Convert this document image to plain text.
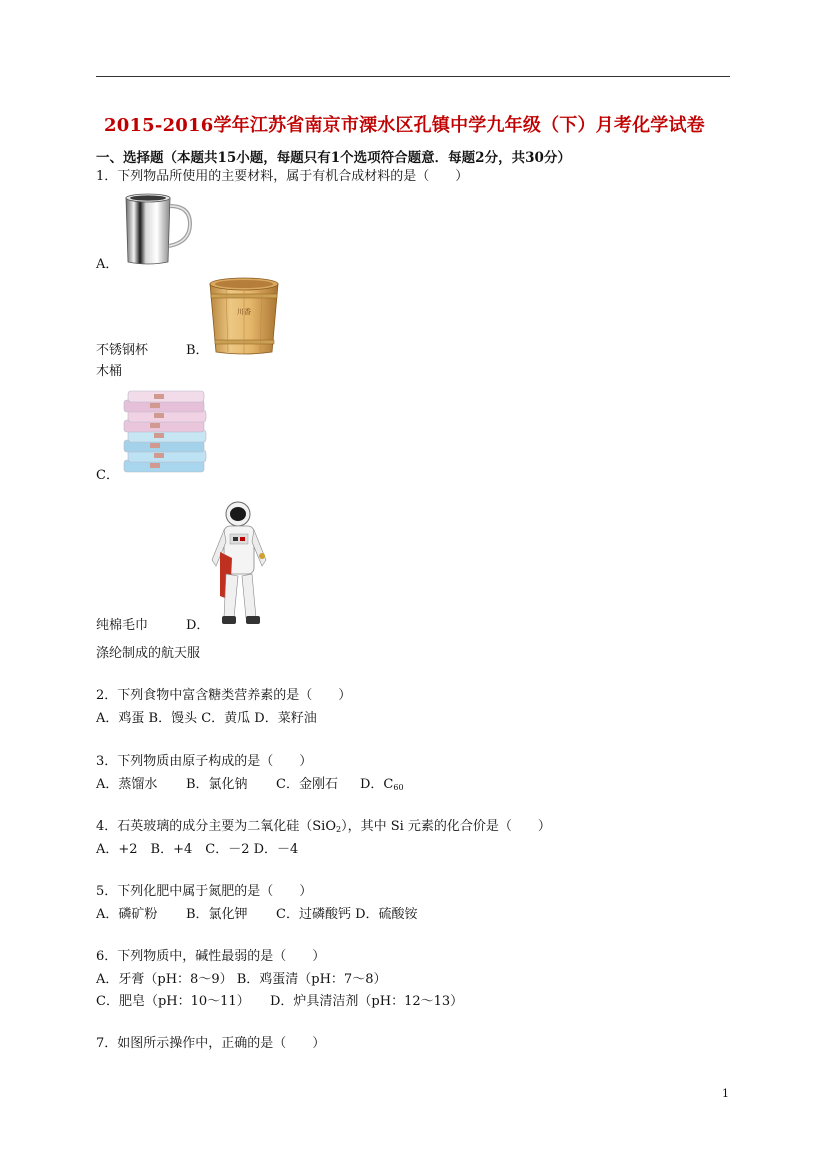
2015-2016学年江苏省南京市溧水区孔镇中学九年级（下）月考化学试卷
一、选择题（本题共15小题，每题只有1个选项符合题意．每题2分，共30分）
1．下列物品所使用的主要材料，属于有机合成材料的是（　　）
A．
川香
不锈钢杯	B．
木桶
C．
纯棉毛巾	D．
涤纶制成的航天服
2．下列食物中富含糖类营养素的是（　　）
A．鸡蛋 B．馒头 C．黄瓜 D．菜籽油
3．下列物质由原子构成的是（　　）
A．蒸馏水 B．氯化钠 C．金刚石 D．$C_{60}$
4．石英玻璃的成分主要为二氧化硅（SiO$_2$），其中 Si 元素的化合价是（　　）
A．+2　B．+4　C．－2 D．－4
5．下列化肥中属于氮肥的是（　　）
A．磷矿粉 B．氯化钾 C．过磷酸钙 D．硫酸铵
6．下列物质中，碱性最弱的是（　　）
A．牙膏（pH：8～9） B．鸡蛋清（pH：7～8）
C．肥皂（pH：10～11） D．炉具清洁剂（pH：12～13）
7．如图所示操作中，正确的是（　　）
1
